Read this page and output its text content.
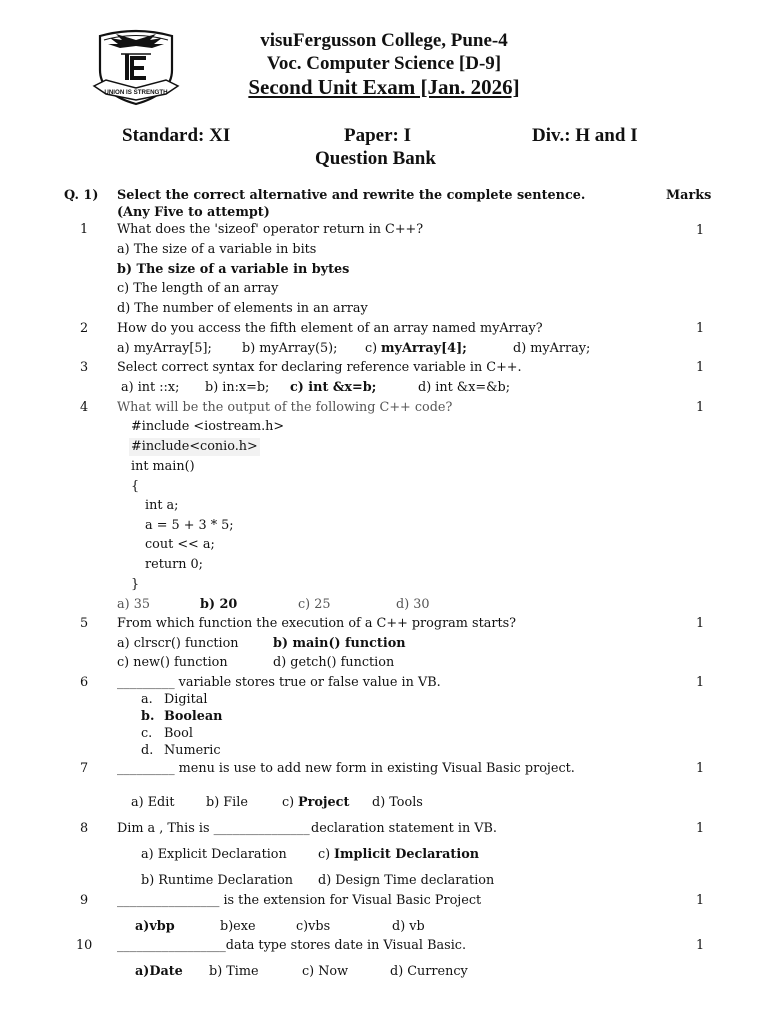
UNION IS STRENGTH
visuFergusson College, Pune-4
Voc. Computer Science [D-9]
Second Unit Exam [Jan. 2026]
Standard: XI	Paper: I	Div.: H and I
Question Bank
Q. 1) Select the correct alternative and rewrite the complete sentence.	Marks
(Any Five to attempt)
1 What does the 'sizeof' operator return in C++?	1
a) The size of a variable in bits
b) The size of a variable in bytes
c) The length of an array
d) The number of elements in an array
2 How do you access the fifth element of an array named myArray?	1
a) myArray[5]; b) myArray(5); c) myArray[4];	d) myArray;
3 Select correct syntax for declaring reference variable in C++.	1
a) int ::x; b) in:x=b; c) int &x=b;	d) int &x=&b;
4 What will be the output of the following C++ code?	1
#include <iostream.h>
#include<conio.h>
int main()
{
int a;
a = 5 + 3 * 5;
cout << a;
return 0;
}
a) 35	b) 20	c) 25	d) 30
5 From which function the execution of a C++ program starts?	1
a) clrscr() function	b) main() function
c) new() function	d) getch() function
6 _________ variable stores true or false value in VB.	1
a. Digital
b. Boolean
c. Bool
d. Numeric
7 _________ menu is use to add new form in existing Visual Basic project.	1
a) Edit b) File	c) Project d) Tools
8 Dim a , This is _______________ declaration statement in VB.	1
a) Explicit Declaration c) Implicit Declaration
b) Runtime Declaration d) Design Time declaration
9 ________________ is the extension for Visual Basic Project	1
a)vbp	b)exe	c)vbs	d) vb
10 _________________data type stores date in Visual Basic.	1
a)Date b) Time	c) Now	d) Currency
